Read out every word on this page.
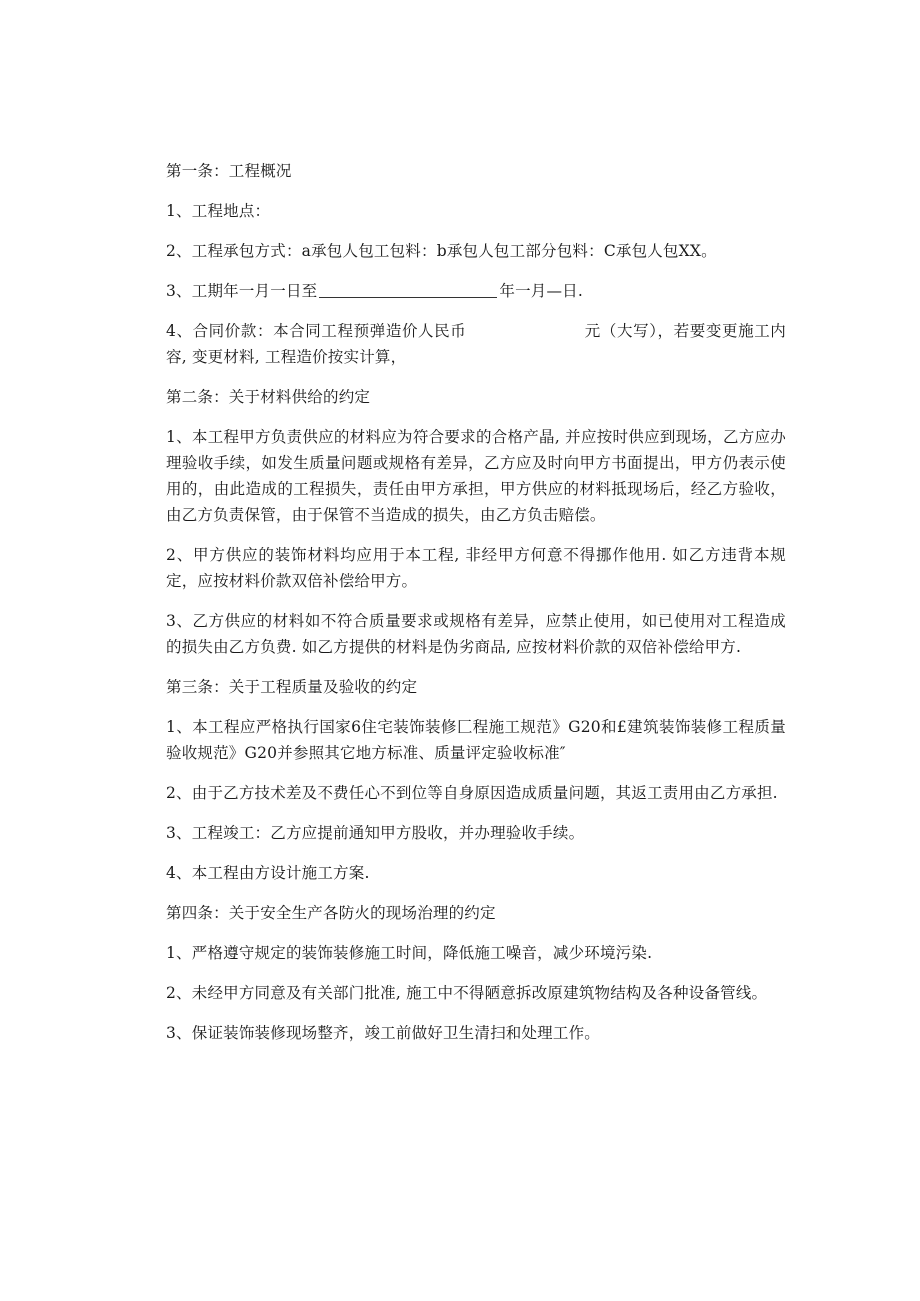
第一条：工程概况

1、工程地点：

2、工程承包方式：a承包人包工包料：b承包人包工部分包料：C承包人包XX。

3、工期年一月一日至	年一月—日.

4、合同价款：本合同工程预弹造价人民币	元（大写），若要变更施工内容, 变更材料, 工程造价按实计算，

第二条：关于材料供给的约定

1、本工程甲方负责供应的材料应为符合要求的合格产晶, 并应按时供应到现场，乙方应办理验收手续，如发生质量问题或规格有差异，乙方应及时向甲方书面提出，甲方仍表示使用的，由此造成的工程损失，责任由甲方承担，甲方供应的材料抵现场后，经乙方验收，由乙方负责保管，由于保管不当造成的损失，由乙方负击赔偿。

2、甲方供应的装饰材料均应用于本工程, 非经甲方何意不得挪作他用. 如乙方违背本规定，应按材料价款双倍补偿给甲方。

3、乙方供应的材料如不符合质量要求或规格有差异，应禁止使用，如已使用对工程造成的损失由乙方负费. 如乙方提供的材料是伪劣商品, 应按材料价款的双倍补偿给甲方.

第三条：关于工程质量及验收的约定

1、本工程应严格执行国家6住宅装饰装修匚程施工规范》G20和£建筑装饰装修工程质量验收规范》G20并参照其它地方标准、质量评定验收标准″

2、由于乙方技术差及不费任心不到位等自身原因造成质量问题，其返工责用由乙方承担.

3、工程竣工：乙方应提前通知甲方股收，并办理验收手续。

4、本工程由方设计施工方案.

第四条：关于安全生产各防火的现场治理的约定

1、严格遵守规定的装饰装修施工时间，降低施工噪音，减少环境污染.

2、未经甲方同意及有关部门批准, 施工中不得陋意拆改原建筑物结构及各种设备管线。

3、保证装饰装修现场整齐，竣工前做好卫生清扫和处理工作。
